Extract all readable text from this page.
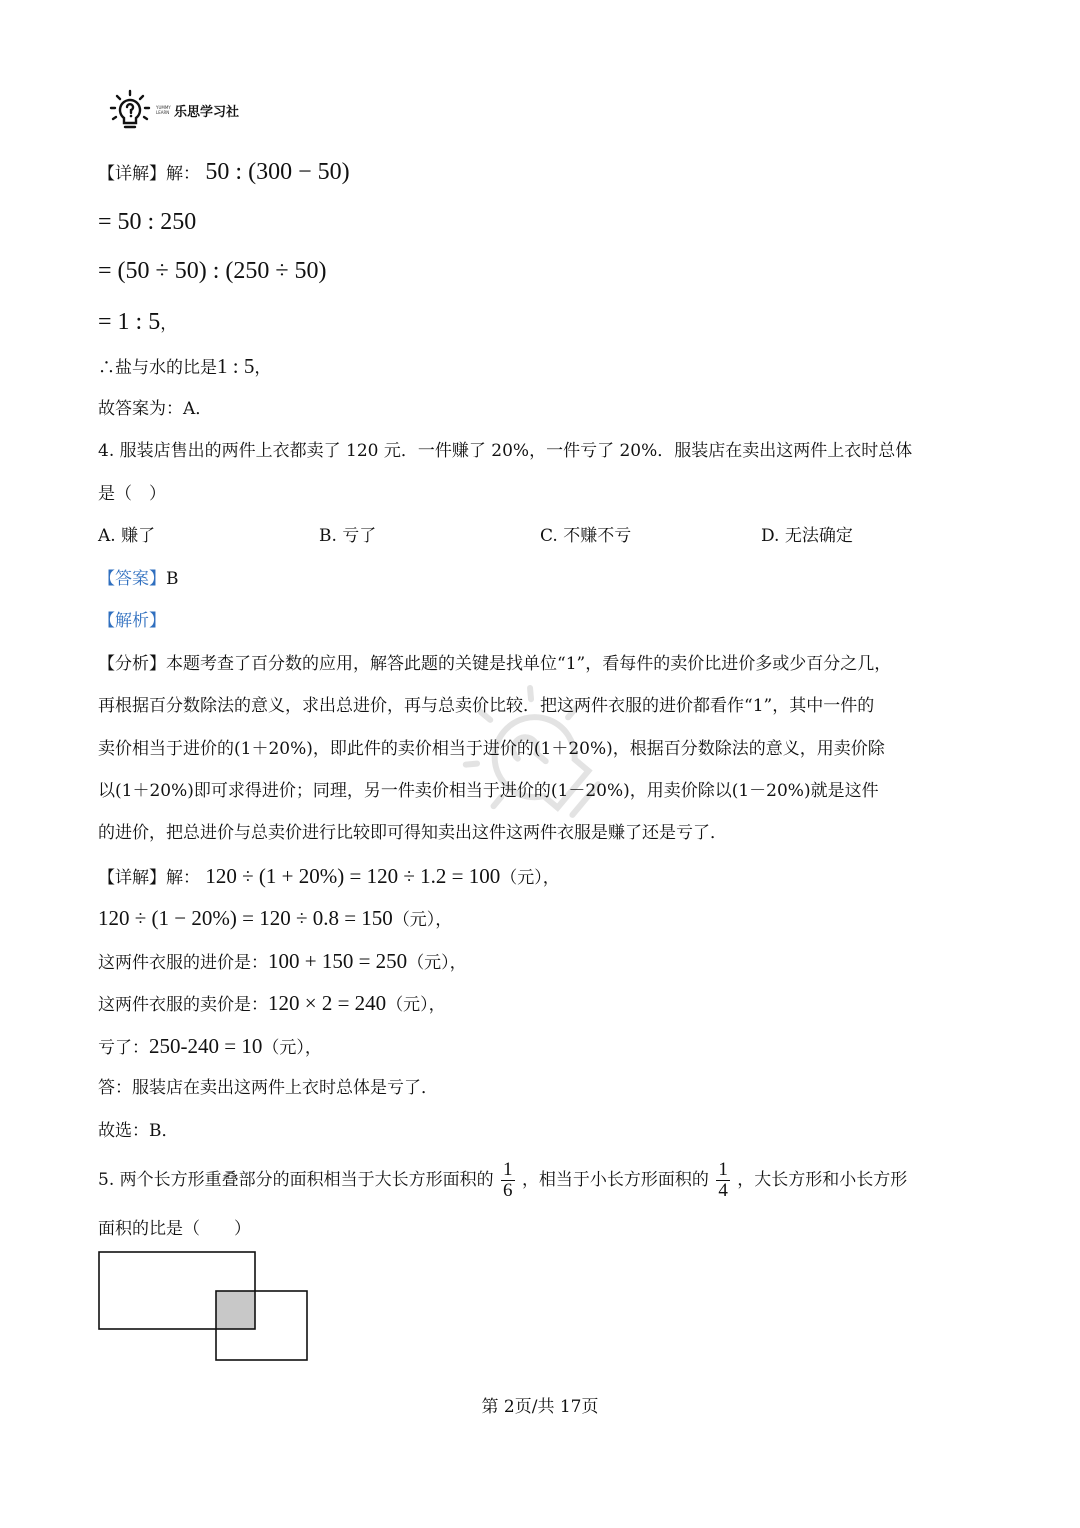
YUMMY LEARN 乐思学习社
【详解】解： 50 : (300 − 50)
= 50 : 250
= (50 ÷ 50) : (250 ÷ 50)
= 1 : 5，
∴盐与水的比是1 : 5，
故答案为：A．
4. 服装店售出的两件上衣都卖了 120 元．一件赚了 20%，一件亏了 20%．服装店在卖出这两件上衣时总体
是（　）
A. 赚了	B. 亏了	C. 不赚不亏	D. 无法确定
【答案】B
【解析】
【分析】本题考查了百分数的应用，解答此题的关键是找单位“1”，看每件的卖价比进价多或少百分之几，
再根据百分数除法的意义，求出总进价，再与总卖价比较．把这两件衣服的进价都看作“1”，其中一件的
卖价相当于进价的(1＋20%)，即此件的卖价相当于进价的(1＋20%)，根据百分数除法的意义，用卖价除
以(1＋20%)即可求得进价；同理，另一件卖价相当于进价的(1－20%)，用卖价除以(1－20%)就是这件
的进价，把总进价与总卖价进行比较即可得知卖出这件这两件衣服是赚了还是亏了．
【详解】解： 120 ÷ (1 + 20%) = 120 ÷ 1.2 = 100（元），
120 ÷ (1 − 20%) = 120 ÷ 0.8 = 150（元），
这两件衣服的进价是：100 + 150 = 250（元），
这两件衣服的卖价是：120 × 2 = 240（元），
亏了：250-240 = 10（元），
答：服装店在卖出这两件上衣时总体是亏了．
故选：B．
5. 两个长方形重叠部分的面积相当于大长方形面积的 $\frac{1}{6}$ ，相当于小长方形面积的 $\frac{1}{4}$ ，大长方形和小长方形
面积的比是（　　）
第 2页/共 17页
